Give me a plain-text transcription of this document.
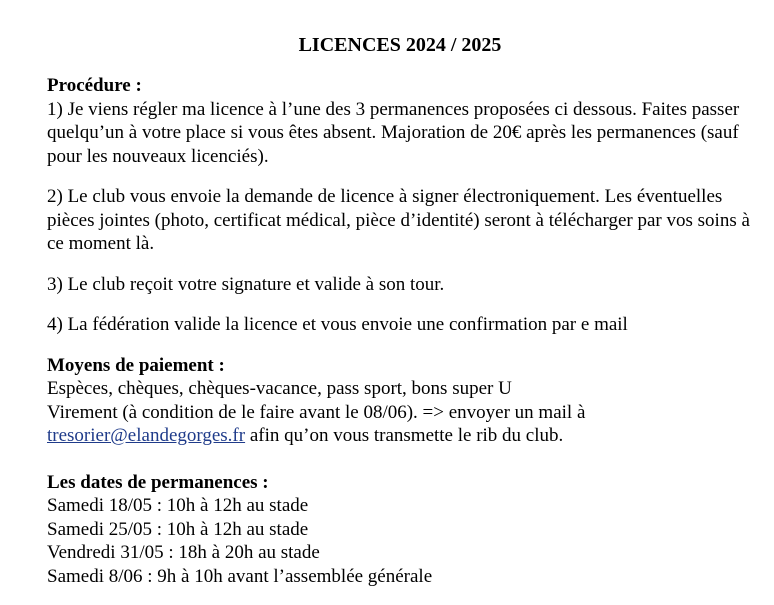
LICENCES 2024 / 2025
Procédure :

1) Je viens régler ma licence à l’une des 3 permanences proposées ci dessous. Faites passer quelqu’un à votre place si vous êtes absent. Majoration de 20€ après les permanences (sauf pour les nouveaux licenciés).

2) Le club vous envoie la demande de licence à signer électroniquement. Les éventuelles pièces jointes (photo, certificat médical, pièce d’identité) seront à télécharger par vos soins à ce moment là.

3) Le club reçoit votre signature et valide à son tour.

4) La fédération valide la licence et vous envoie une confirmation par e mail

Moyens de paiement :
Espèces, chèques, chèques-vacance, pass sport, bons super U
Virement (à condition de le faire avant le 08/06). => envoyer un mail à
tresorier@elandegorges.fr afin qu’on vous transmette le rib du club.
Les dates de permanences :
Samedi 18/05 : 10h à 12h au stade
Samedi 25/05 : 10h à 12h au stade
Vendredi 31/05 : 18h à 20h au stade
Samedi 8/06 : 9h à 10h avant l’assemblée générale
